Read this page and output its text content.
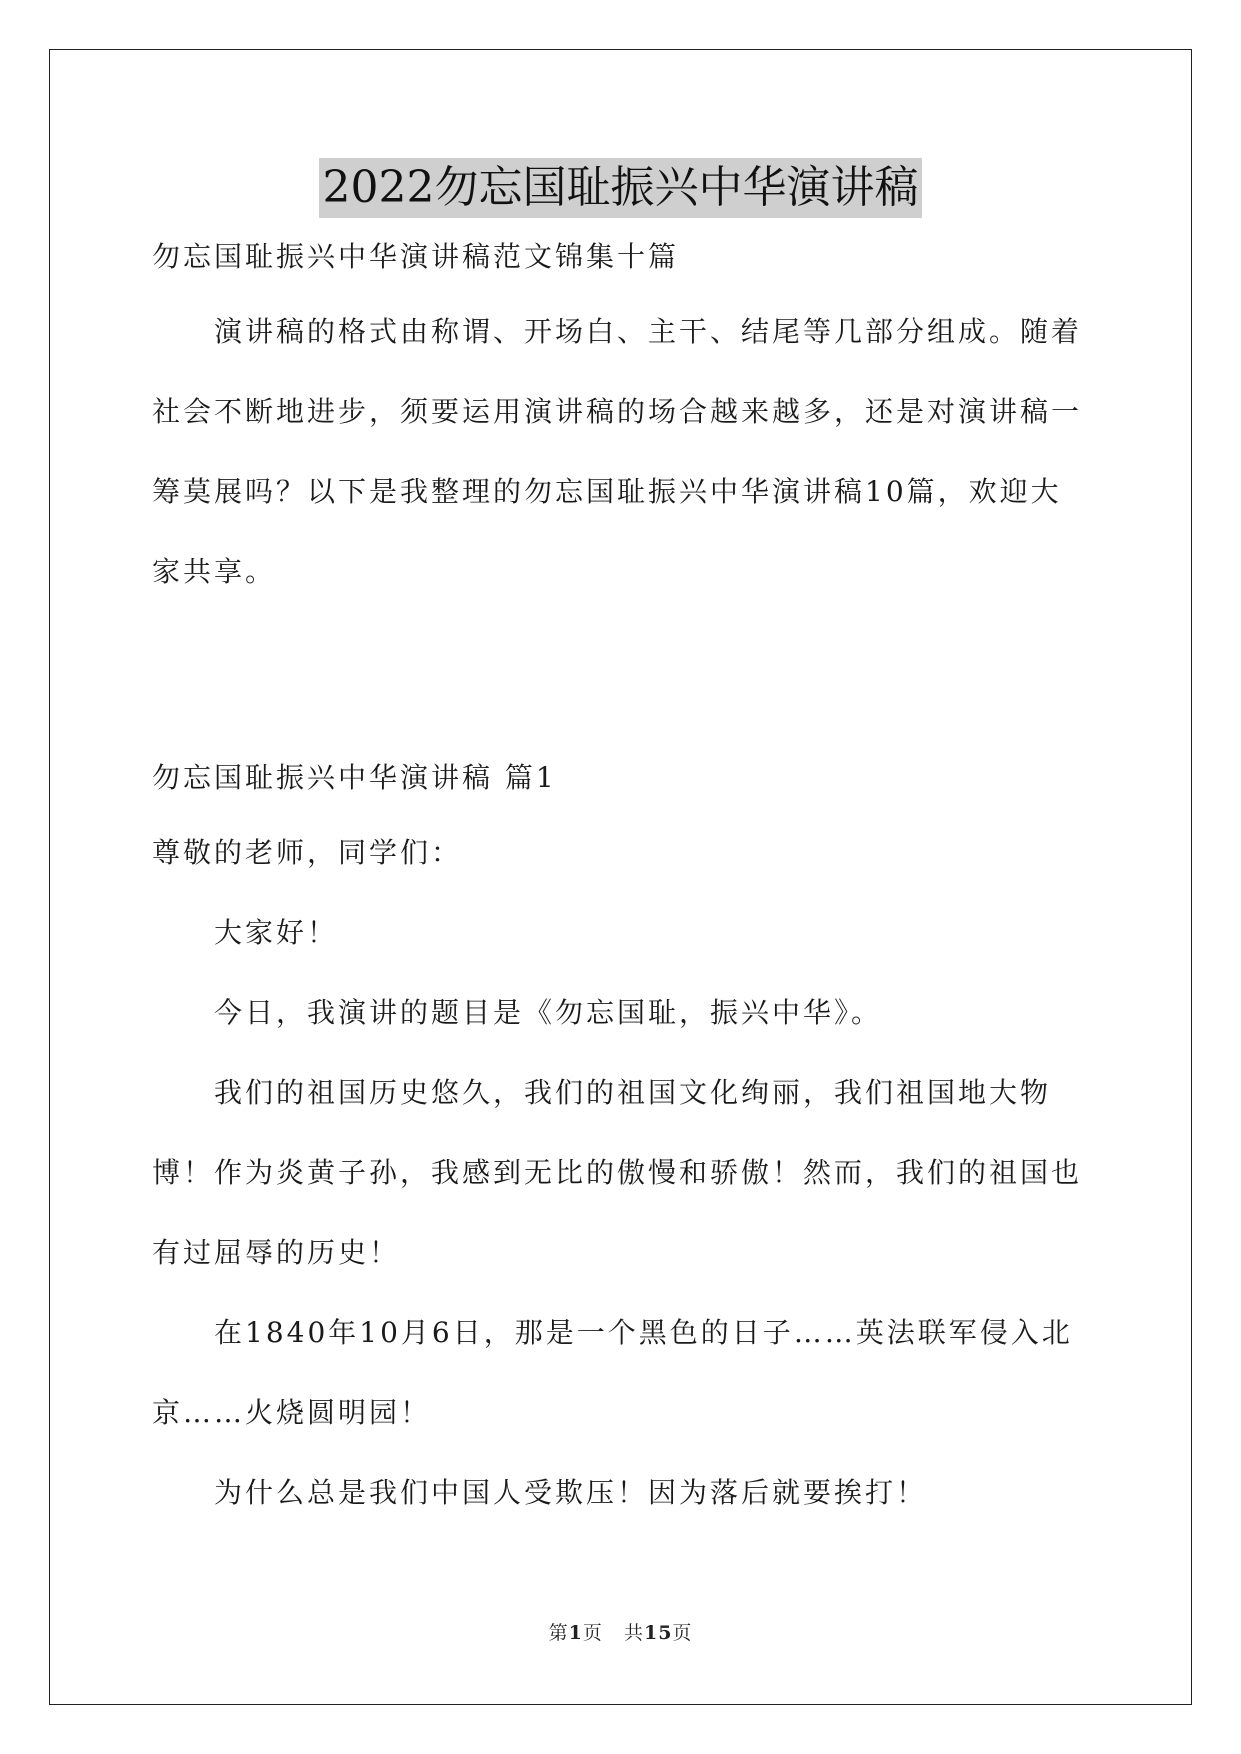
2022勿忘国耻振兴中华演讲稿

勿忘国耻振兴中华演讲稿范文锦集十篇

演讲稿的格式由称谓、开场白、主干、结尾等几部分组成。随着社会不断地进步，须要运用演讲稿的场合越来越多，还是对演讲稿一筹莫展吗？以下是我整理的勿忘国耻振兴中华演讲稿10篇，欢迎大家共享。

勿忘国耻振兴中华演讲稿 篇1

尊敬的老师，同学们：

大家好！

今日，我演讲的题目是《勿忘国耻，振兴中华》。

我们的祖国历史悠久，我们的祖国文化绚丽，我们祖国地大物博！作为炎黄子孙，我感到无比的傲慢和骄傲！然而，我们的祖国也有过屈辱的历史！

在1840年10月6日，那是一个黑色的日子……英法联军侵入北京……火烧圆明园！

为什么总是我们中国人受欺压！因为落后就要挨打！

第1页 共15页
